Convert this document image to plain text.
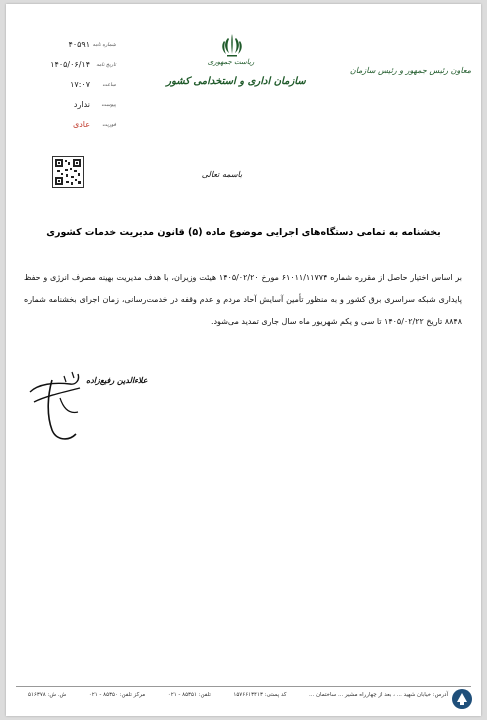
شماره نامه
۴۰۵۹۱
تاریخ نامه
۱۴۰۵/۰۶/۱۴
ساعت
۱۷:۰۷
پیوست
ندارد
فوریت
عادی
ریاست جمهوری
سازمان اداری و استخدامی کشور
معاون رئیس جمهور و رئیس سازمان
باسمه تعالی
بخشنامه به تمامی دستگاه‌های اجرایی موضوع ماده (۵) قانون مدیریت خدمات کشوری

بر اساس اختیار حاصل از مقرره شماره ۶۱۰۱۱/۱۱۷۷۴ مورخ ۱۴۰۵/۰۲/۲۰ هیئت وزیران، با هدف مدیریت بهینه مصرف انرژی و حفظ پایداری شبکه سراسری برق کشور و به منظور تأمین آسایش آحاد مردم و عدم وقفه در خدمت‌رسانی، زمان اجرای بخشنامه شماره ۸۸۴۸ تاریخ ۱۴۰۵/۰۲/۲۲ تا سی و یکم شهریور ماه سال جاری تمدید می‌شود.

علاءالدین رفیع‌زاده
آدرس: خیابان شهید ... ، بعد از چهارراه مشیر ... ساختمان ...
کد پستی: ۱۵۷۶۶۱۳۴۱۳
تلفن: ۸۵۳۵۱ - ۰۲۱
مرکز تلفن: ۸۵۳۵۰ - ۰۲۱
ش. ش: ۵۱۶۳۷۸
